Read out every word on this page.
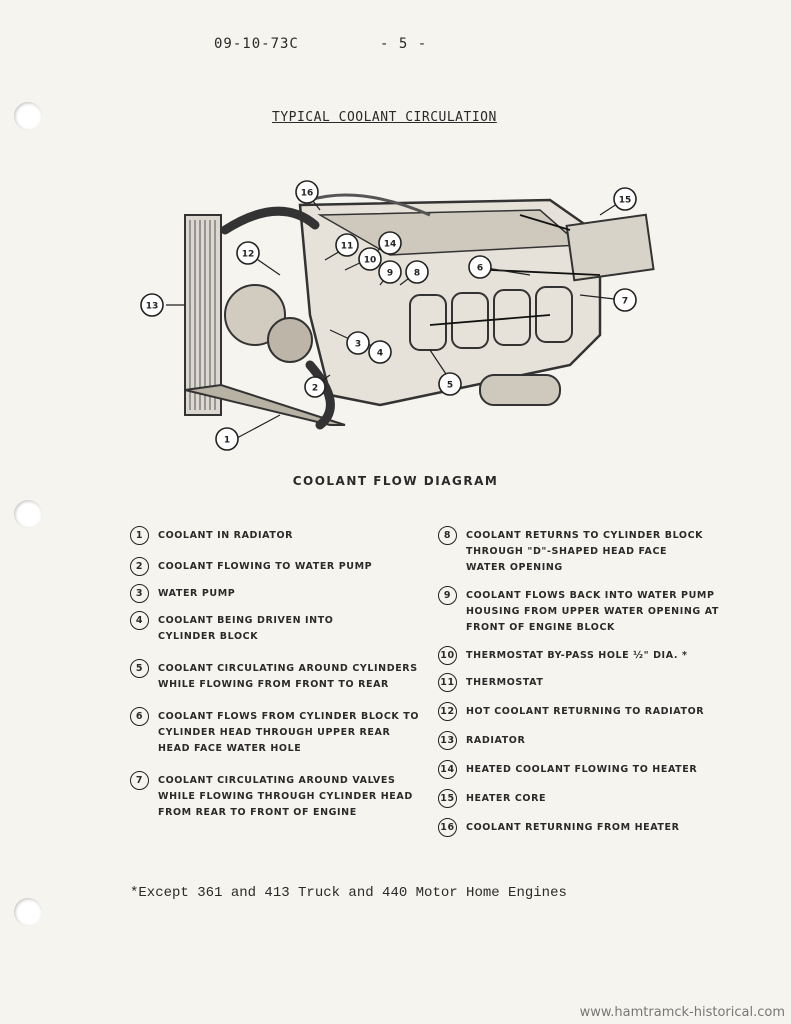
09-10-73C	- 5 -
TYPICAL COOLANT CIRCULATION
1
2
3
4
5
6
7
8
9
10
11
12
13
14
15
16
COOLANT FLOW DIAGRAM
1	COOLANT IN RADIATOR
2	COOLANT FLOWING TO WATER PUMP
3	WATER PUMP
4	COOLANT BEING DRIVEN INTO
CYLINDER BLOCK
5	COOLANT CIRCULATING AROUND CYLINDERS
WHILE FLOWING FROM FRONT TO REAR
6	COOLANT FLOWS FROM CYLINDER BLOCK TO
CYLINDER HEAD THROUGH UPPER REAR
HEAD FACE WATER HOLE
7	COOLANT CIRCULATING AROUND VALVES
WHILE FLOWING THROUGH CYLINDER HEAD
FROM REAR TO FRONT OF ENGINE
8	COOLANT RETURNS TO CYLINDER BLOCK
THROUGH "D"-SHAPED HEAD FACE
WATER OPENING
9	COOLANT FLOWS BACK INTO WATER PUMP
HOUSING FROM UPPER WATER OPENING AT
FRONT OF ENGINE BLOCK
10 THERMOSTAT BY-PASS HOLE ½" DIA. *
11 THERMOSTAT
12 HOT COOLANT RETURNING TO RADIATOR
13 RADIATOR
14 HEATED COOLANT FLOWING TO HEATER
15 HEATER CORE
16 COOLANT RETURNING FROM HEATER
*Except 361 and 413 Truck and 440 Motor Home Engines
www.hamtramck-historical.com
